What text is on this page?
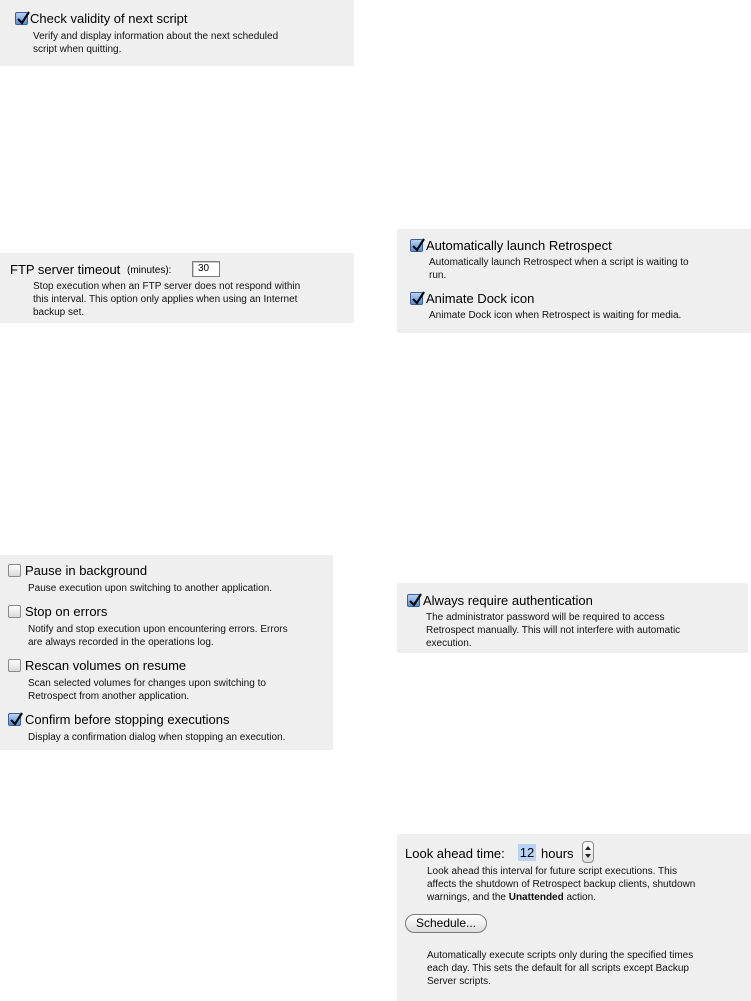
Check validity of next script
Verify and display information about the next scheduled
script when quitting.
FTP server timeout (minutes):	30
Stop execution when an FTP server does not respond within
this interval. This option only applies when using an Internet
backup set.
Automatically launch Retrospect
Automatically launch Retrospect when a script is waiting to
run.
Animate Dock icon
Animate Dock icon when Retrospect is waiting for media.
Pause in background
Pause execution upon switching to another application.
Stop on errors
Notify and stop execution upon encountering errors. Errors
are always recorded in the operations log.
Rescan volumes on resume
Scan selected volumes for changes upon switching to
Retrospect from another application.
Confirm before stopping executions
Display a confirmation dialog when stopping an execution.
Always require authentication
The administrator password will be required to access
Retrospect manually. This will not interfere with automatic
execution.
Look ahead time: 12 hours
Look ahead this interval for future script executions. This
affects the shutdown of Retrospect backup clients, shutdown
warnings, and the Unattended action.
Schedule...
Automatically execute scripts only during the specified times
each day. This sets the default for all scripts except Backup
Server scripts.
